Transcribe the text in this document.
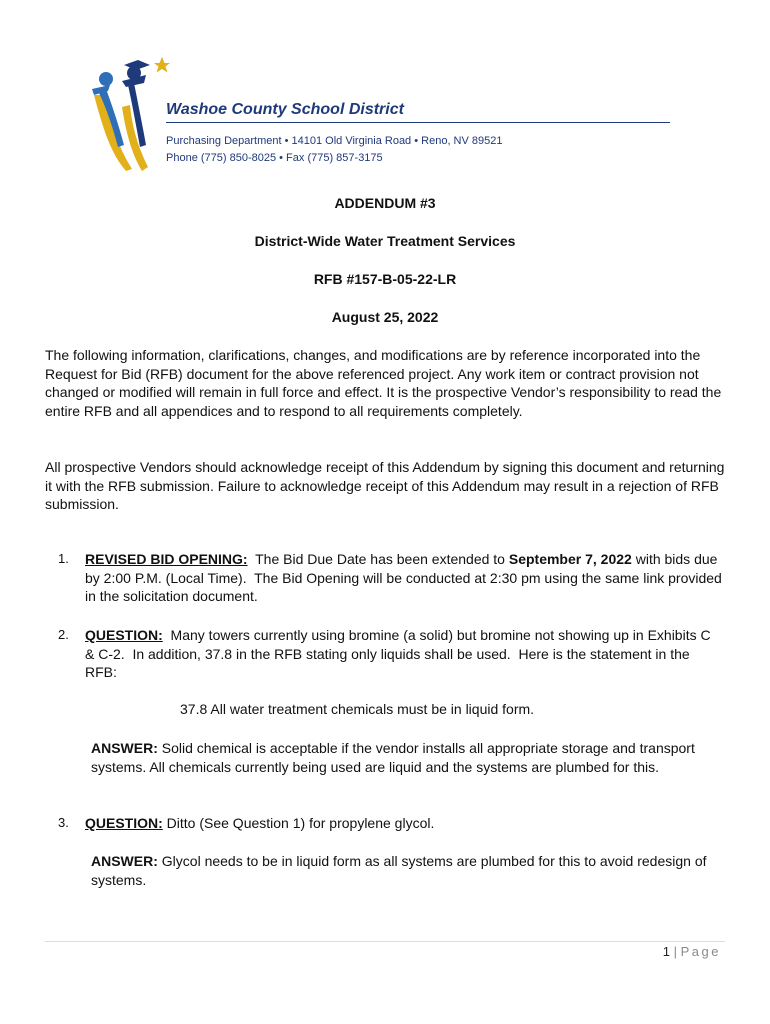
Washoe County School District
Purchasing Department • 14101 Old Virginia Road • Reno, NV 89521
Phone (775) 850-8025 • Fax (775) 857-3175
ADDENDUM #3
District-Wide Water Treatment Services
RFB #157-B-05-22-LR
August 25, 2022

The following information, clarifications, changes, and modifications are by reference incorporated into the Request for Bid (RFB) document for the above referenced project. Any work item or contract provision not changed or modified will remain in full force and effect. It is the prospective Vendor’s responsibility to read the entire RFB and all appendices and to respond to all requirements completely.

All prospective Vendors should acknowledge receipt of this Addendum by signing this document and returning it with the RFB submission. Failure to acknowledge receipt of this Addendum may result in a rejection of RFB submission.

1.	REVISED BID OPENING:  The Bid Due Date has been extended to September 7, 2022 with bids due by 2:00 P.M. (Local Time).  The Bid Opening will be conducted at 2:30 pm using the same link provided in the solicitation document.
2.	QUESTION:  Many towers currently using bromine (a solid) but bromine not showing up in Exhibits C & C-2.  In addition, 37.8 in the RFB stating only liquids shall be used.  Here is the statement in the RFB:
37.8 All water treatment chemicals must be in liquid form.
ANSWER: Solid chemical is acceptable if the vendor installs all appropriate storage and transport systems. All chemicals currently being used are liquid and the systems are plumbed for this.
3.	QUESTION: Ditto (See Question 1) for propylene glycol.
ANSWER: Glycol needs to be in liquid form as all systems are plumbed for this to avoid redesign of systems.
1 | Page
